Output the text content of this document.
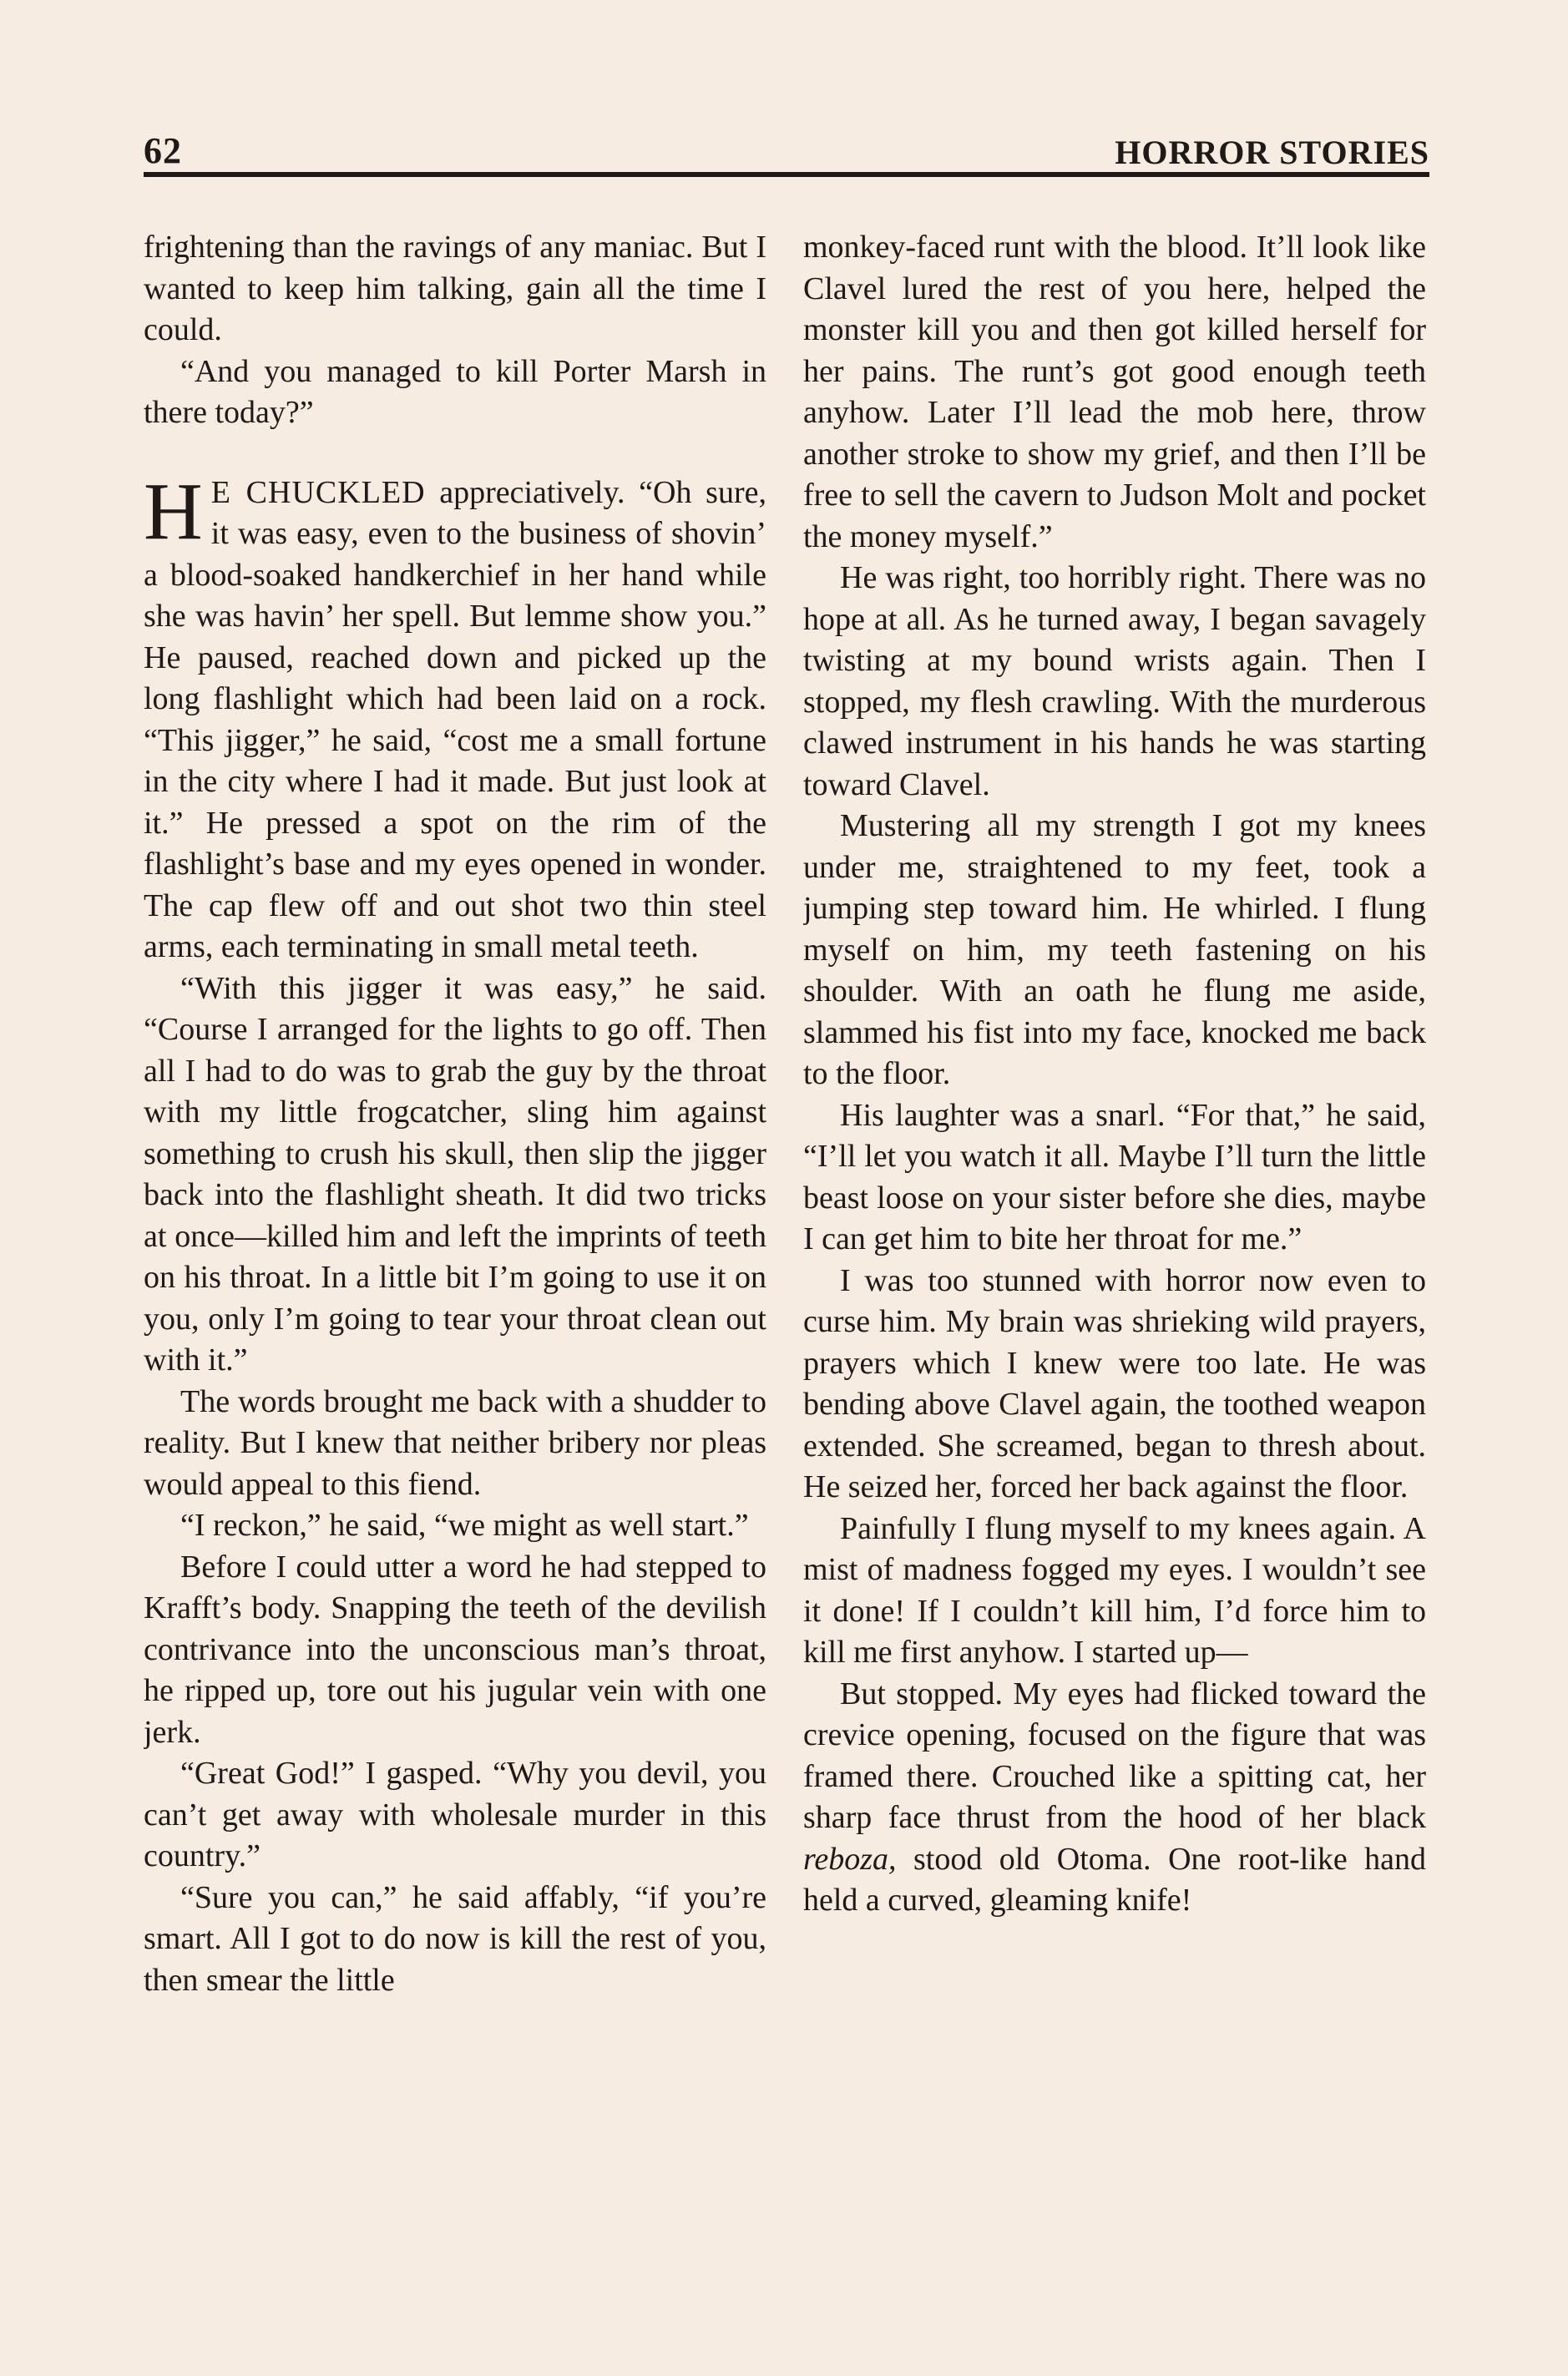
62	HORROR STORIES

frightening than the ravings of any maniac. But I wanted to keep him talking, gain all the time I could.

“And you managed to kill Porter Marsh in there today?”

H E CHUCKLED appreciatively. “Oh sure, it was easy, even to the business of shovin’ a blood-soaked handkerchief in her hand while she was havin’ her spell. But lemme show you.” He paused, reached down and picked up the long flashlight which had been laid on a rock. “This jigger,” he said, “cost me a small fortune in the city where I had it made. But just look at it.” He pressed a spot on the rim of the flashlight’s base and my eyes opened in wonder. The cap flew off and out shot two thin steel arms, each terminating in small metal teeth.

“With this jigger it was easy,” he said. “Course I arranged for the lights to go off. Then all I had to do was to grab the guy by the throat with my little frogcatcher, sling him against something to crush his skull, then slip the jigger back into the flashlight sheath. It did two tricks at once—killed him and left the imprints of teeth on his throat. In a little bit I’m going to use it on you, only I’m going to tear your throat clean out with it.”

The words brought me back with a shudder to reality. But I knew that neither bribery nor pleas would appeal to this fiend.

“I reckon,” he said, “we might as well start.”

Before I could utter a word he had stepped to Krafft’s body. Snapping the teeth of the devilish contrivance into the unconscious man’s throat, he ripped up, tore out his jugular vein with one jerk.

“Great God!” I gasped. “Why you devil, you can’t get away with wholesale murder in this country.”

“Sure you can,” he said affably, “if you’re smart. All I got to do now is kill the rest of you, then smear the little

monkey-faced runt with the blood. It’ll look like Clavel lured the rest of you here, helped the monster kill you and then got killed herself for her pains. The runt’s got good enough teeth anyhow. Later I’ll lead the mob here, throw another stroke to show my grief, and then I’ll be free to sell the cavern to Judson Molt and pocket the money myself.”

He was right, too horribly right. There was no hope at all. As he turned away, I began savagely twisting at my bound wrists again. Then I stopped, my flesh crawling. With the murderous clawed instrument in his hands he was starting toward Clavel.

Mustering all my strength I got my knees under me, straightened to my feet, took a jumping step toward him. He whirled. I flung myself on him, my teeth fastening on his shoulder. With an oath he flung me aside, slammed his fist into my face, knocked me back to the floor.

His laughter was a snarl. “For that,” he said, “I’ll let you watch it all. Maybe I’ll turn the little beast loose on your sister before she dies, maybe I can get him to bite her throat for me.”

I was too stunned with horror now even to curse him. My brain was shrieking wild prayers, prayers which I knew were too late. He was bending above Clavel again, the toothed weapon extended. She screamed, began to thresh about. He seized her, forced her back against the floor.

Painfully I flung myself to my knees again. A mist of madness fogged my eyes. I wouldn’t see it done! If I couldn’t kill him, I’d force him to kill me first anyhow. I started up—

But stopped. My eyes had flicked toward the crevice opening, focused on the figure that was framed there. Crouched like a spitting cat, her sharp face thrust from the hood of her black reboza, stood old Otoma. One root-like hand held a curved, gleaming knife!
